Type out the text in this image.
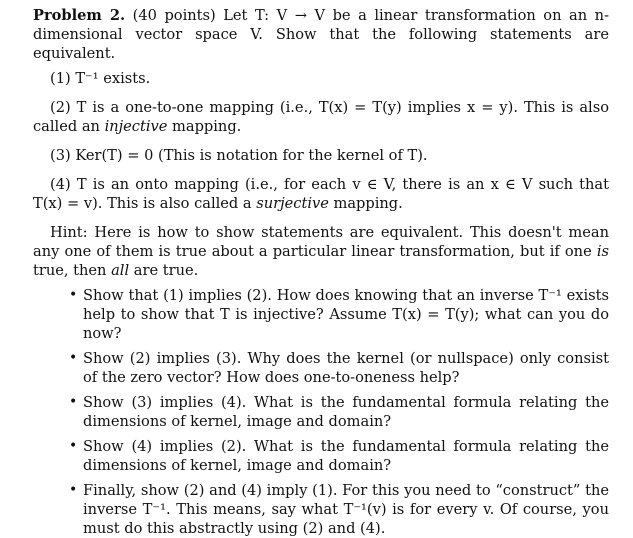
Problem 2. (40 points) Let T: V → V be a linear transformation on an n- dimensional vector space V. Show that the following statements are equivalent.

(1) T⁻¹ exists.

(2) T is a one-to-one mapping (i.e., T(x) = T(y) implies x = y). This is also called an injective mapping.

(3) Ker(T) = 0 (This is notation for the kernel of T).

(4) T is an onto mapping (i.e., for each v ∈ V, there is an x ∈ V such that T(x) = v). This is also called a surjective mapping.

Hint: Here is how to show statements are equivalent. This doesn't mean any one of them is true about a particular linear transformation, but if one is true, then all are true.

• Show that (1) implies (2). How does knowing that an inverse T⁻¹ exists help to show that T is injective? Assume T(x) = T(y); what can you do now?
• Show (2) implies (3). Why does the kernel (or nullspace) only consist of the zero vector? How does one-to-oneness help?
• Show (3) implies (4). What is the fundamental formula relating the dimensions of kernel, image and domain?
• Show (4) implies (2). What is the fundamental formula relating the dimensions of kernel, image and domain?
• Finally, show (2) and (4) imply (1). For this you need to “construct” the inverse T⁻¹. This means, say what T⁻¹(v) is for every v. Of course, you must do this abstractly using (2) and (4).
